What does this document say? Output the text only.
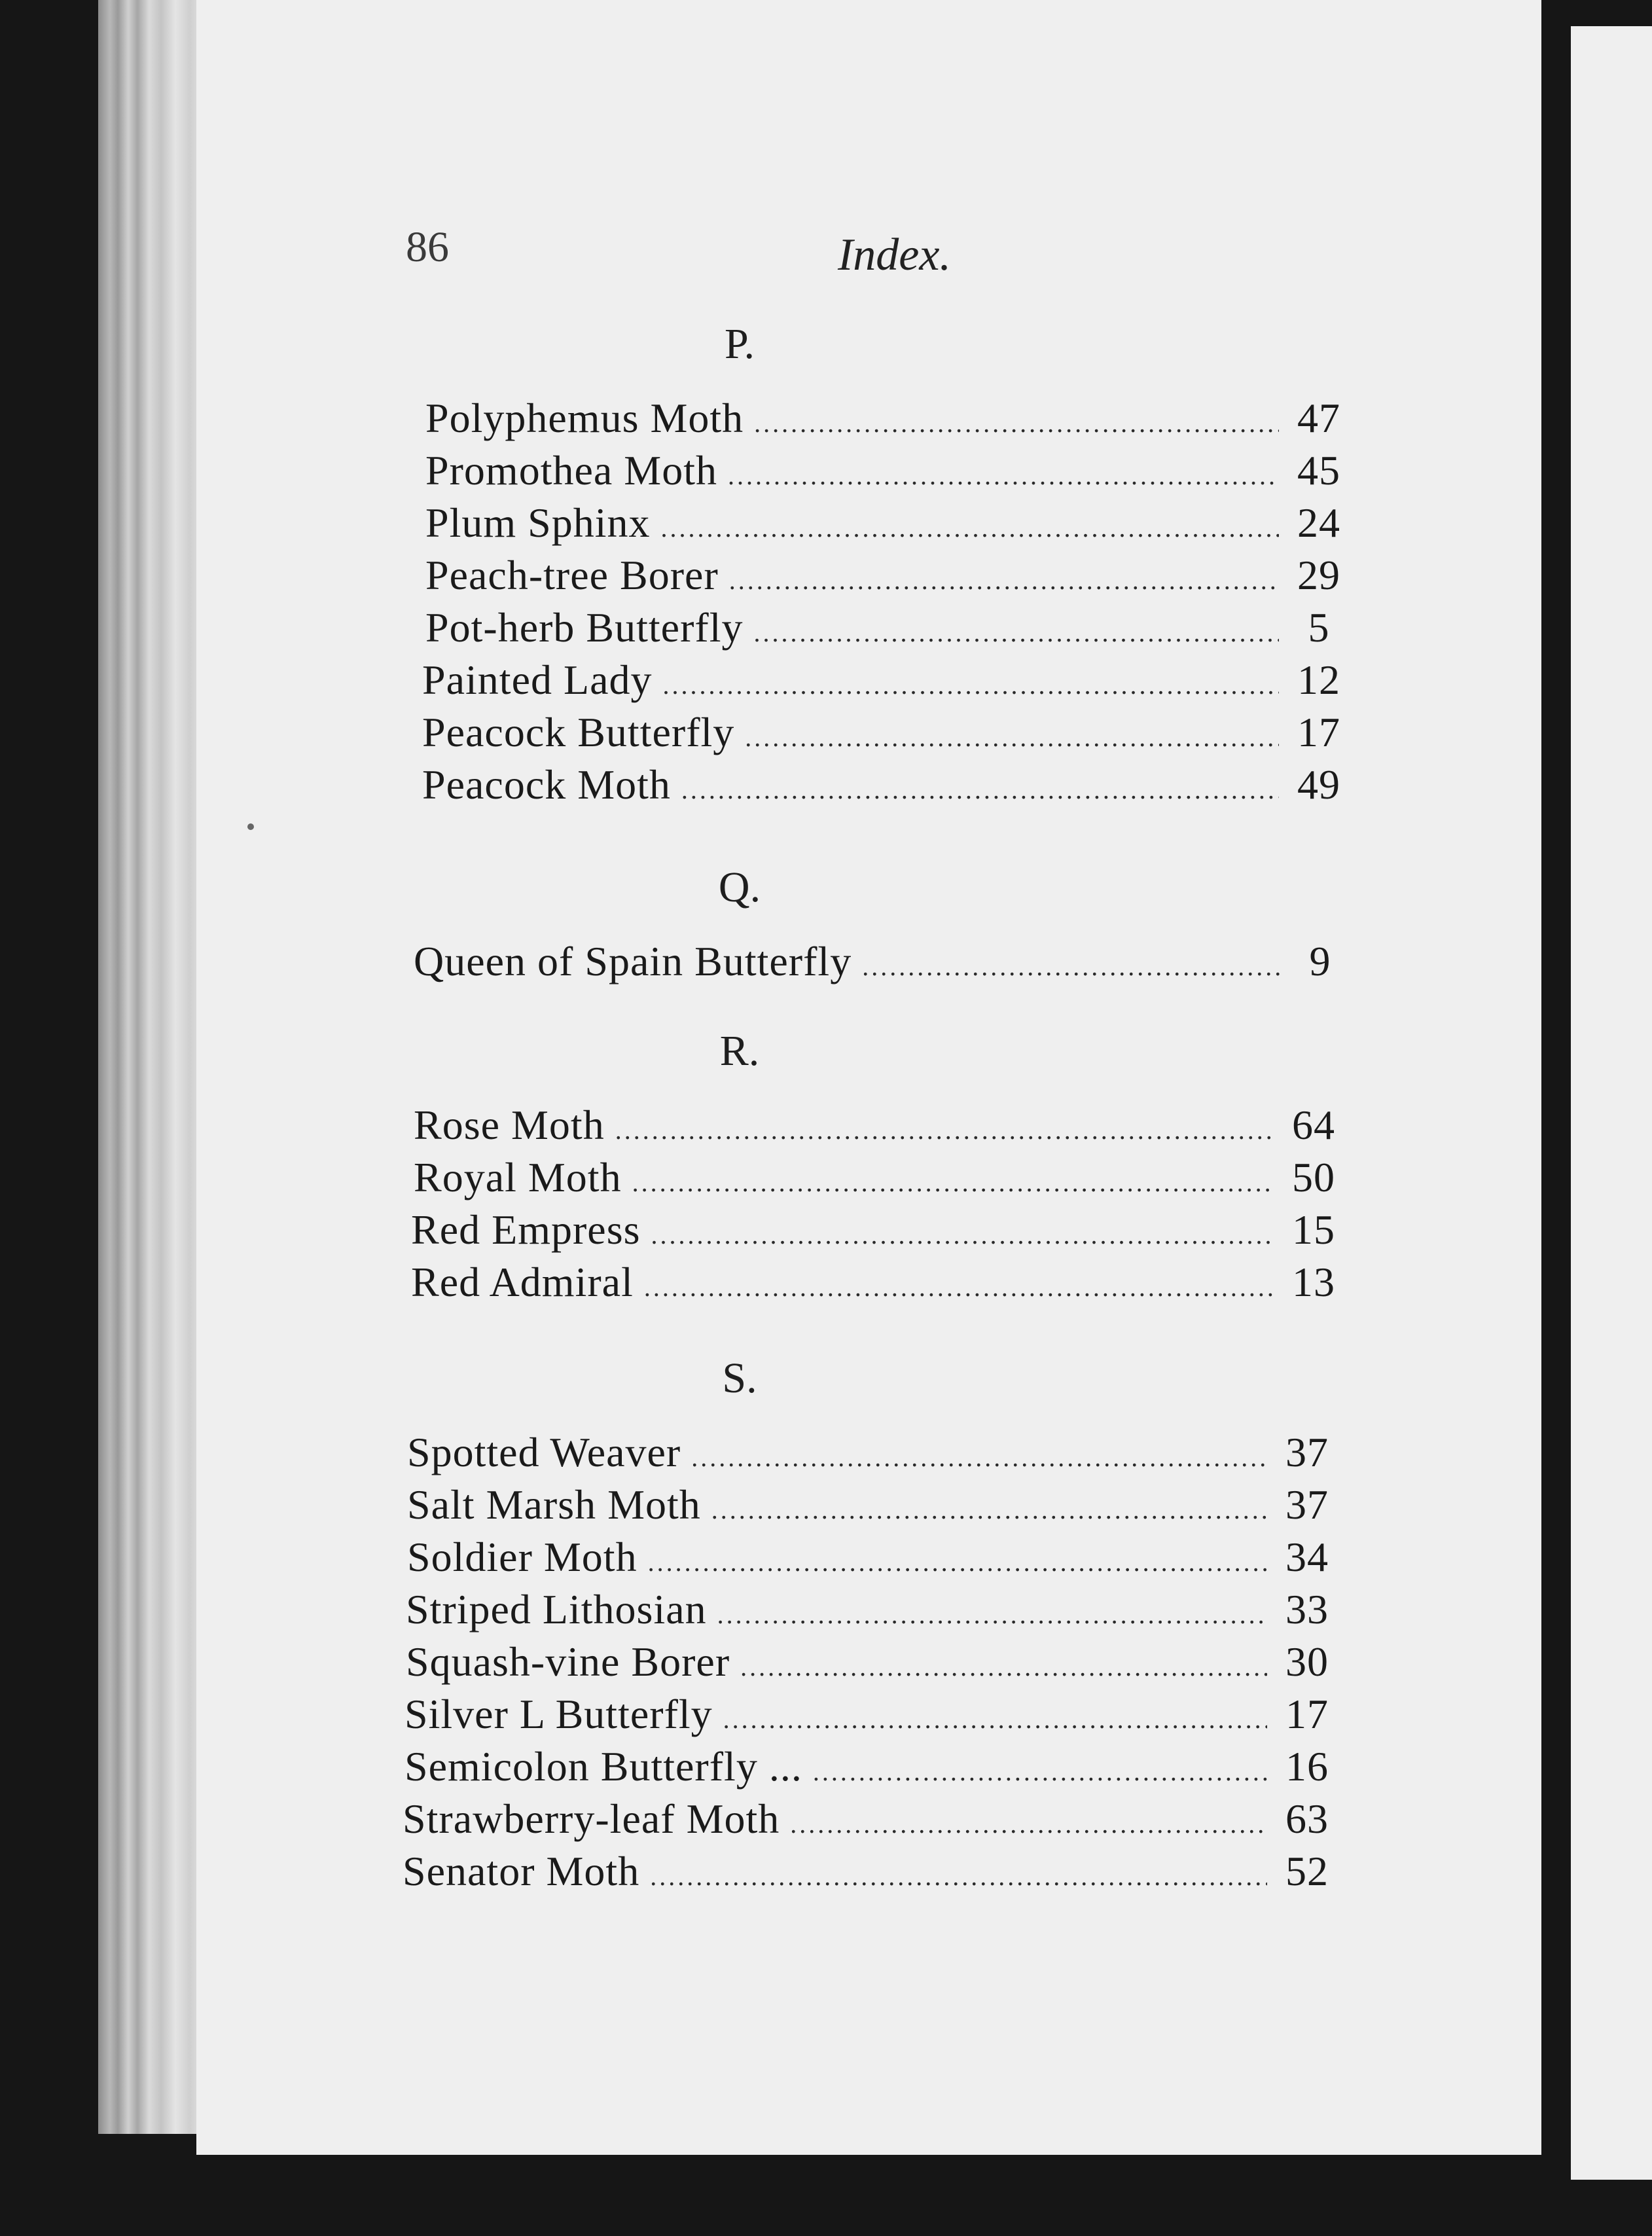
86	Index.
P.
Polyphemus Moth .....	47
Promothea Moth .....	45
Plum Sphinx .....	24
Peach-tree Borer .....	29
Pot-herb Butterfly .....	5
Painted Lady .....	12
Peacock Butterfly .....	17
Peacock Moth .....	49
Q.
Queen of Spain Butterfly .....	9
R.
Rose Moth .....	64
Royal Moth .....	50
Red Empress .....	15
Red Admiral .....	13
S.
Spotted Weaver .....	37
Salt Marsh Moth .....	37
Soldier Moth .....	34
Striped Lithosian .....	33
Squash-vine Borer .....	30
Silver L Butterfly .....	17
Semicolon Butterfly ... .....	16
Strawberry-leaf Moth .....	63
Senator Moth .....	52
